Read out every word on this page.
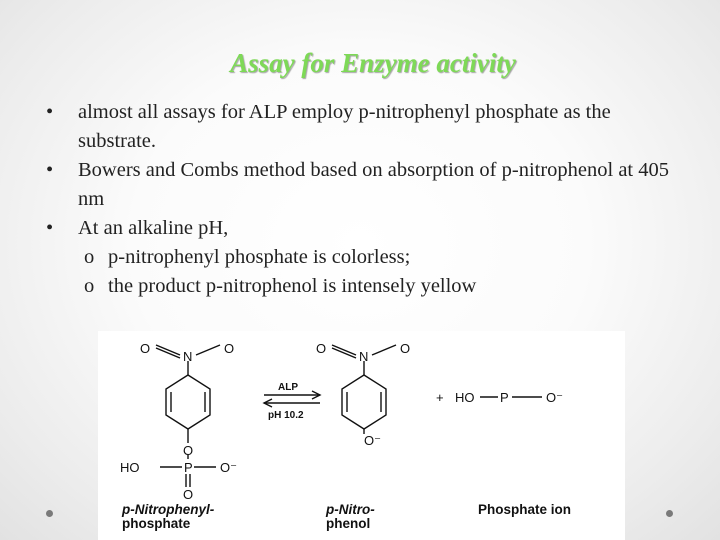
Assay for Enzyme activity
• almost all assays for ALP employ p-nitrophenyl phosphate as the substrate.
• Bowers and Combs method based on absorption of p-nitrophenol at 405 nm
• At an alkaline pH,
o p-nitrophenyl phosphate is colorless;
o the product p-nitrophenol is intensely yellow
O
N
O
O
HO	P O⁻
O
ALP
pH 10.2
O
N
O
O⁻
+ HO P	O⁻
p-Nitrophenyl-
phosphate
p-Nitro-
phenol
Phosphate ion
